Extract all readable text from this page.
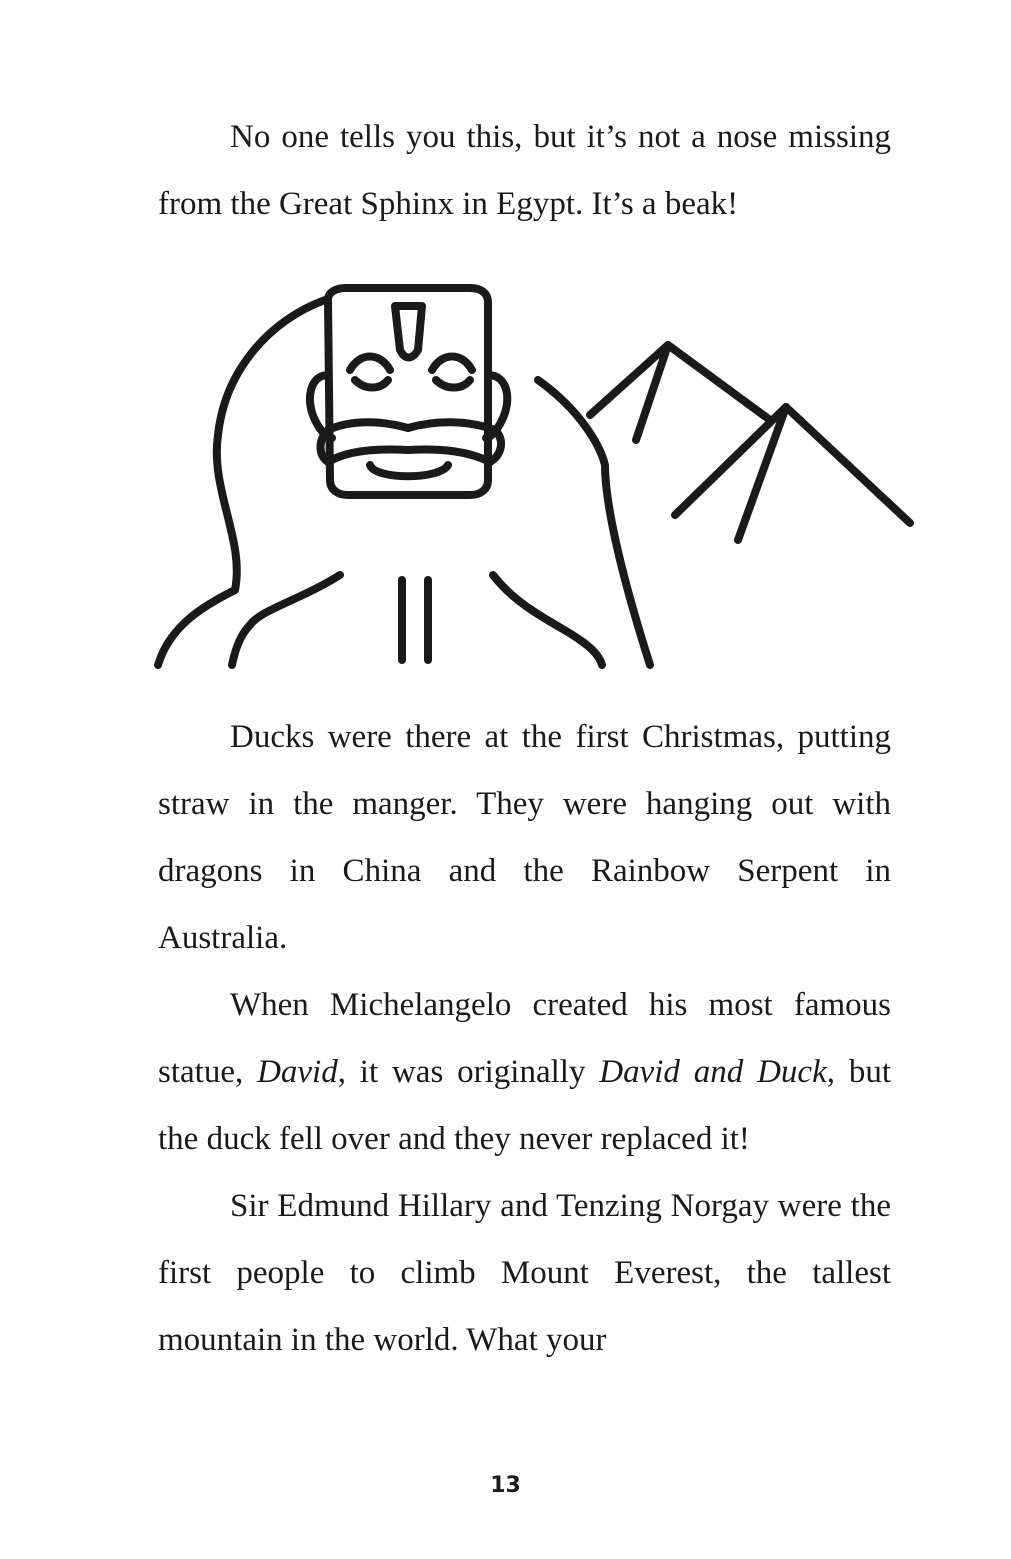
No one tells you this, but it’s not a nose missing from the Great Sphinx in Egypt. It’s a beak!

Ducks were there at the first Christmas, putting straw in the manger. They were hanging out with dragons in China and the Rainbow Serpent in Australia.

When Michelangelo created his most famous statue, David, it was originally David and Duck, but the duck fell over and they never replaced it!

Sir Edmund Hillary and Tenzing Norgay were the first people to climb Mount Everest, the tallest mountain in the world. What your

13
